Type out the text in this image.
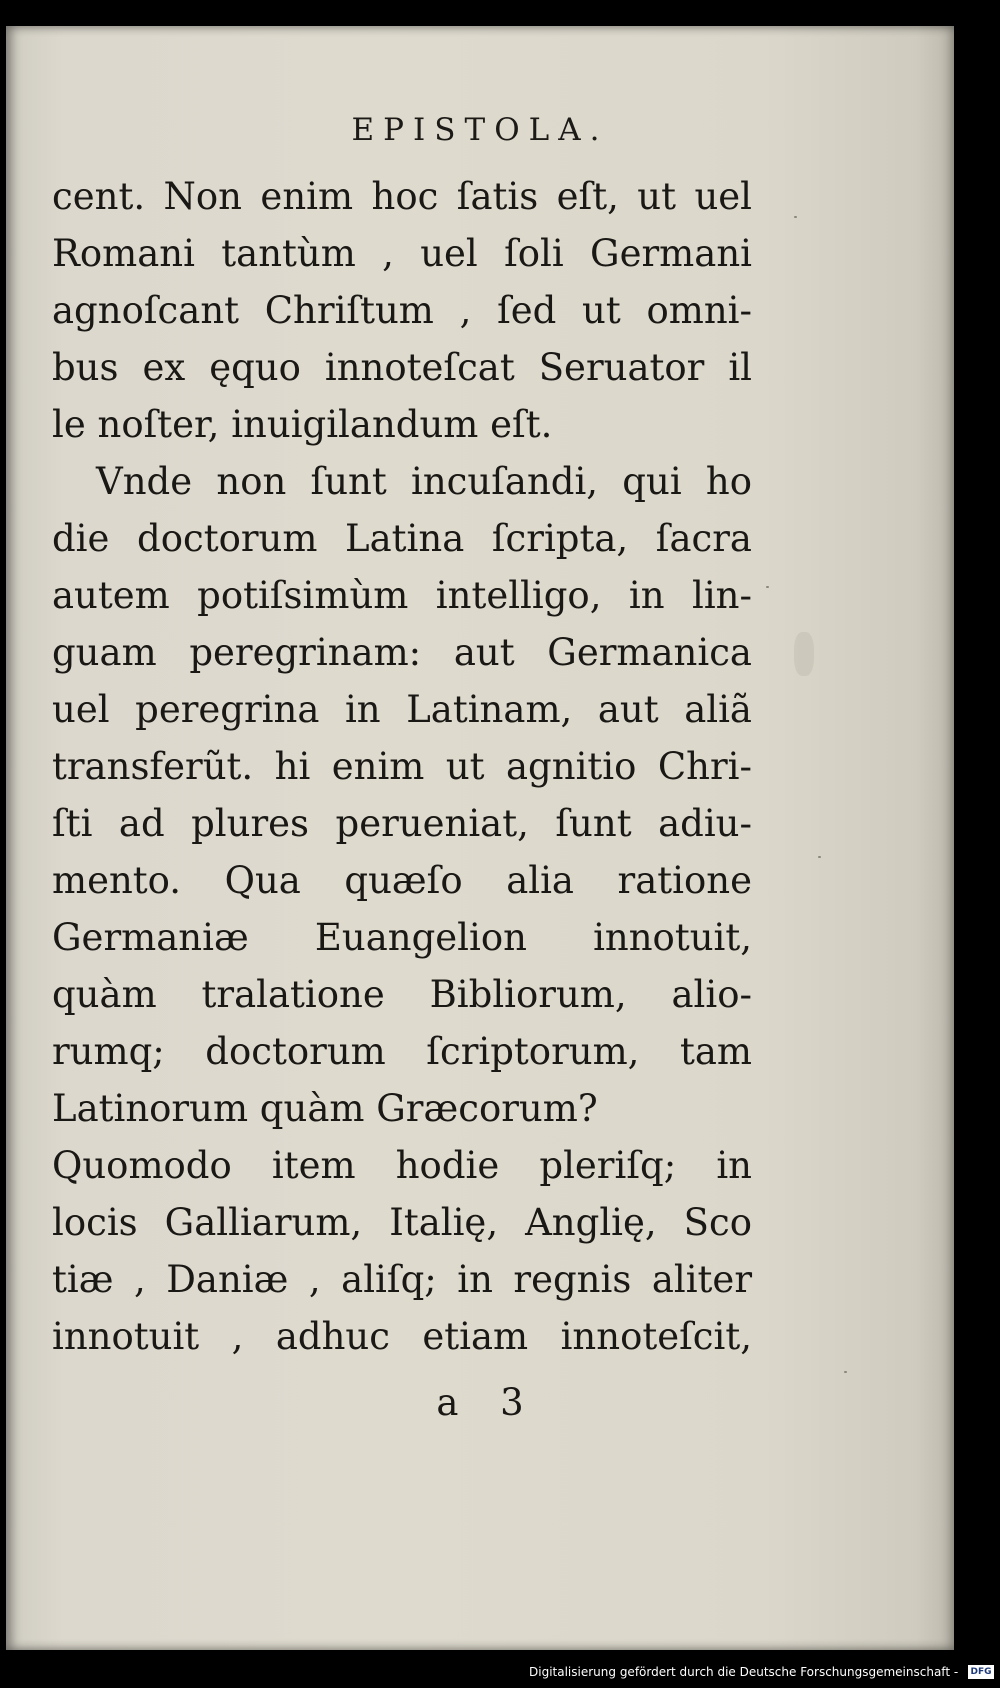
EPISTOLA.
cent. Non enim hoc ſatis eſt, ut uel
Romani tantùm , uel ſoli Germani
agnoſcant Chriſtum , ſed ut omni-
bus ex ęquo innoteſcat Seruator il
le noſter, inuigilandum eſt.
Vnde non ſunt incuſandi, qui ho
die doctorum Latina ſcripta, ſacra
autem potiſsimùm intelligo, in lin-
guam peregrinam: aut Germanica
uel peregrina in Latinam, aut aliã
transferũt. hi enim ut agnitio Chri-
ſti ad plures perueniat, ſunt adiu-
mento. Qua quæſo alia ratione
Germaniæ Euangelion innotuit,
quàm tralatione Bibliorum, alio-
rumq; doctorum ſcriptorum, tam
Latinorum quàm Græcorum?
Quomodo item hodie pleriſq; in
locis Galliarum, Italię, Anglię, Sco
tiæ , Daniæ , aliſq; in regnis aliter
innotuit , adhuc etiam innoteſcit,
a 3
Digitalisierung gefördert durch die Deutsche Forschungsgemeinschaft - DFG
